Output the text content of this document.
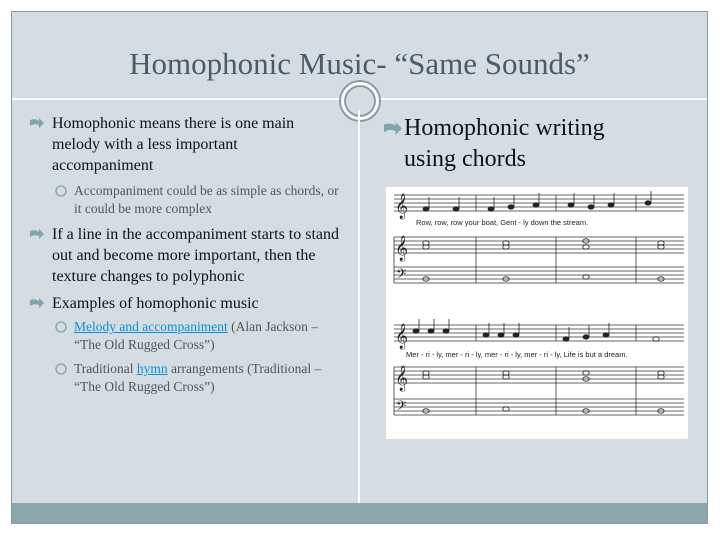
Homophonic Music- “Same Sounds”
Homophonic means there is one main melody with a less important accompaniment
Accompaniment could be as simple as chords, or it could be more complex
If a line in the accompaniment starts to stand out and become more important, then the texture changes to polyphonic
Examples of homophonic music
Melody and accompaniment (Alan Jackson – “The Old Rugged Cross”)
Traditional hymn arrangements (Traditional – “The Old Rugged Cross”)
Homophonic writing
using chords
𝄞
𝄞
𝄢
𝄞
𝄞
𝄢
Row, row, row your boat, Gent - ly down the stream.
Mer - ri - ly, mer - ri - ly, mer - ri - ly, mer - ri - ly, Life is but a dream.
